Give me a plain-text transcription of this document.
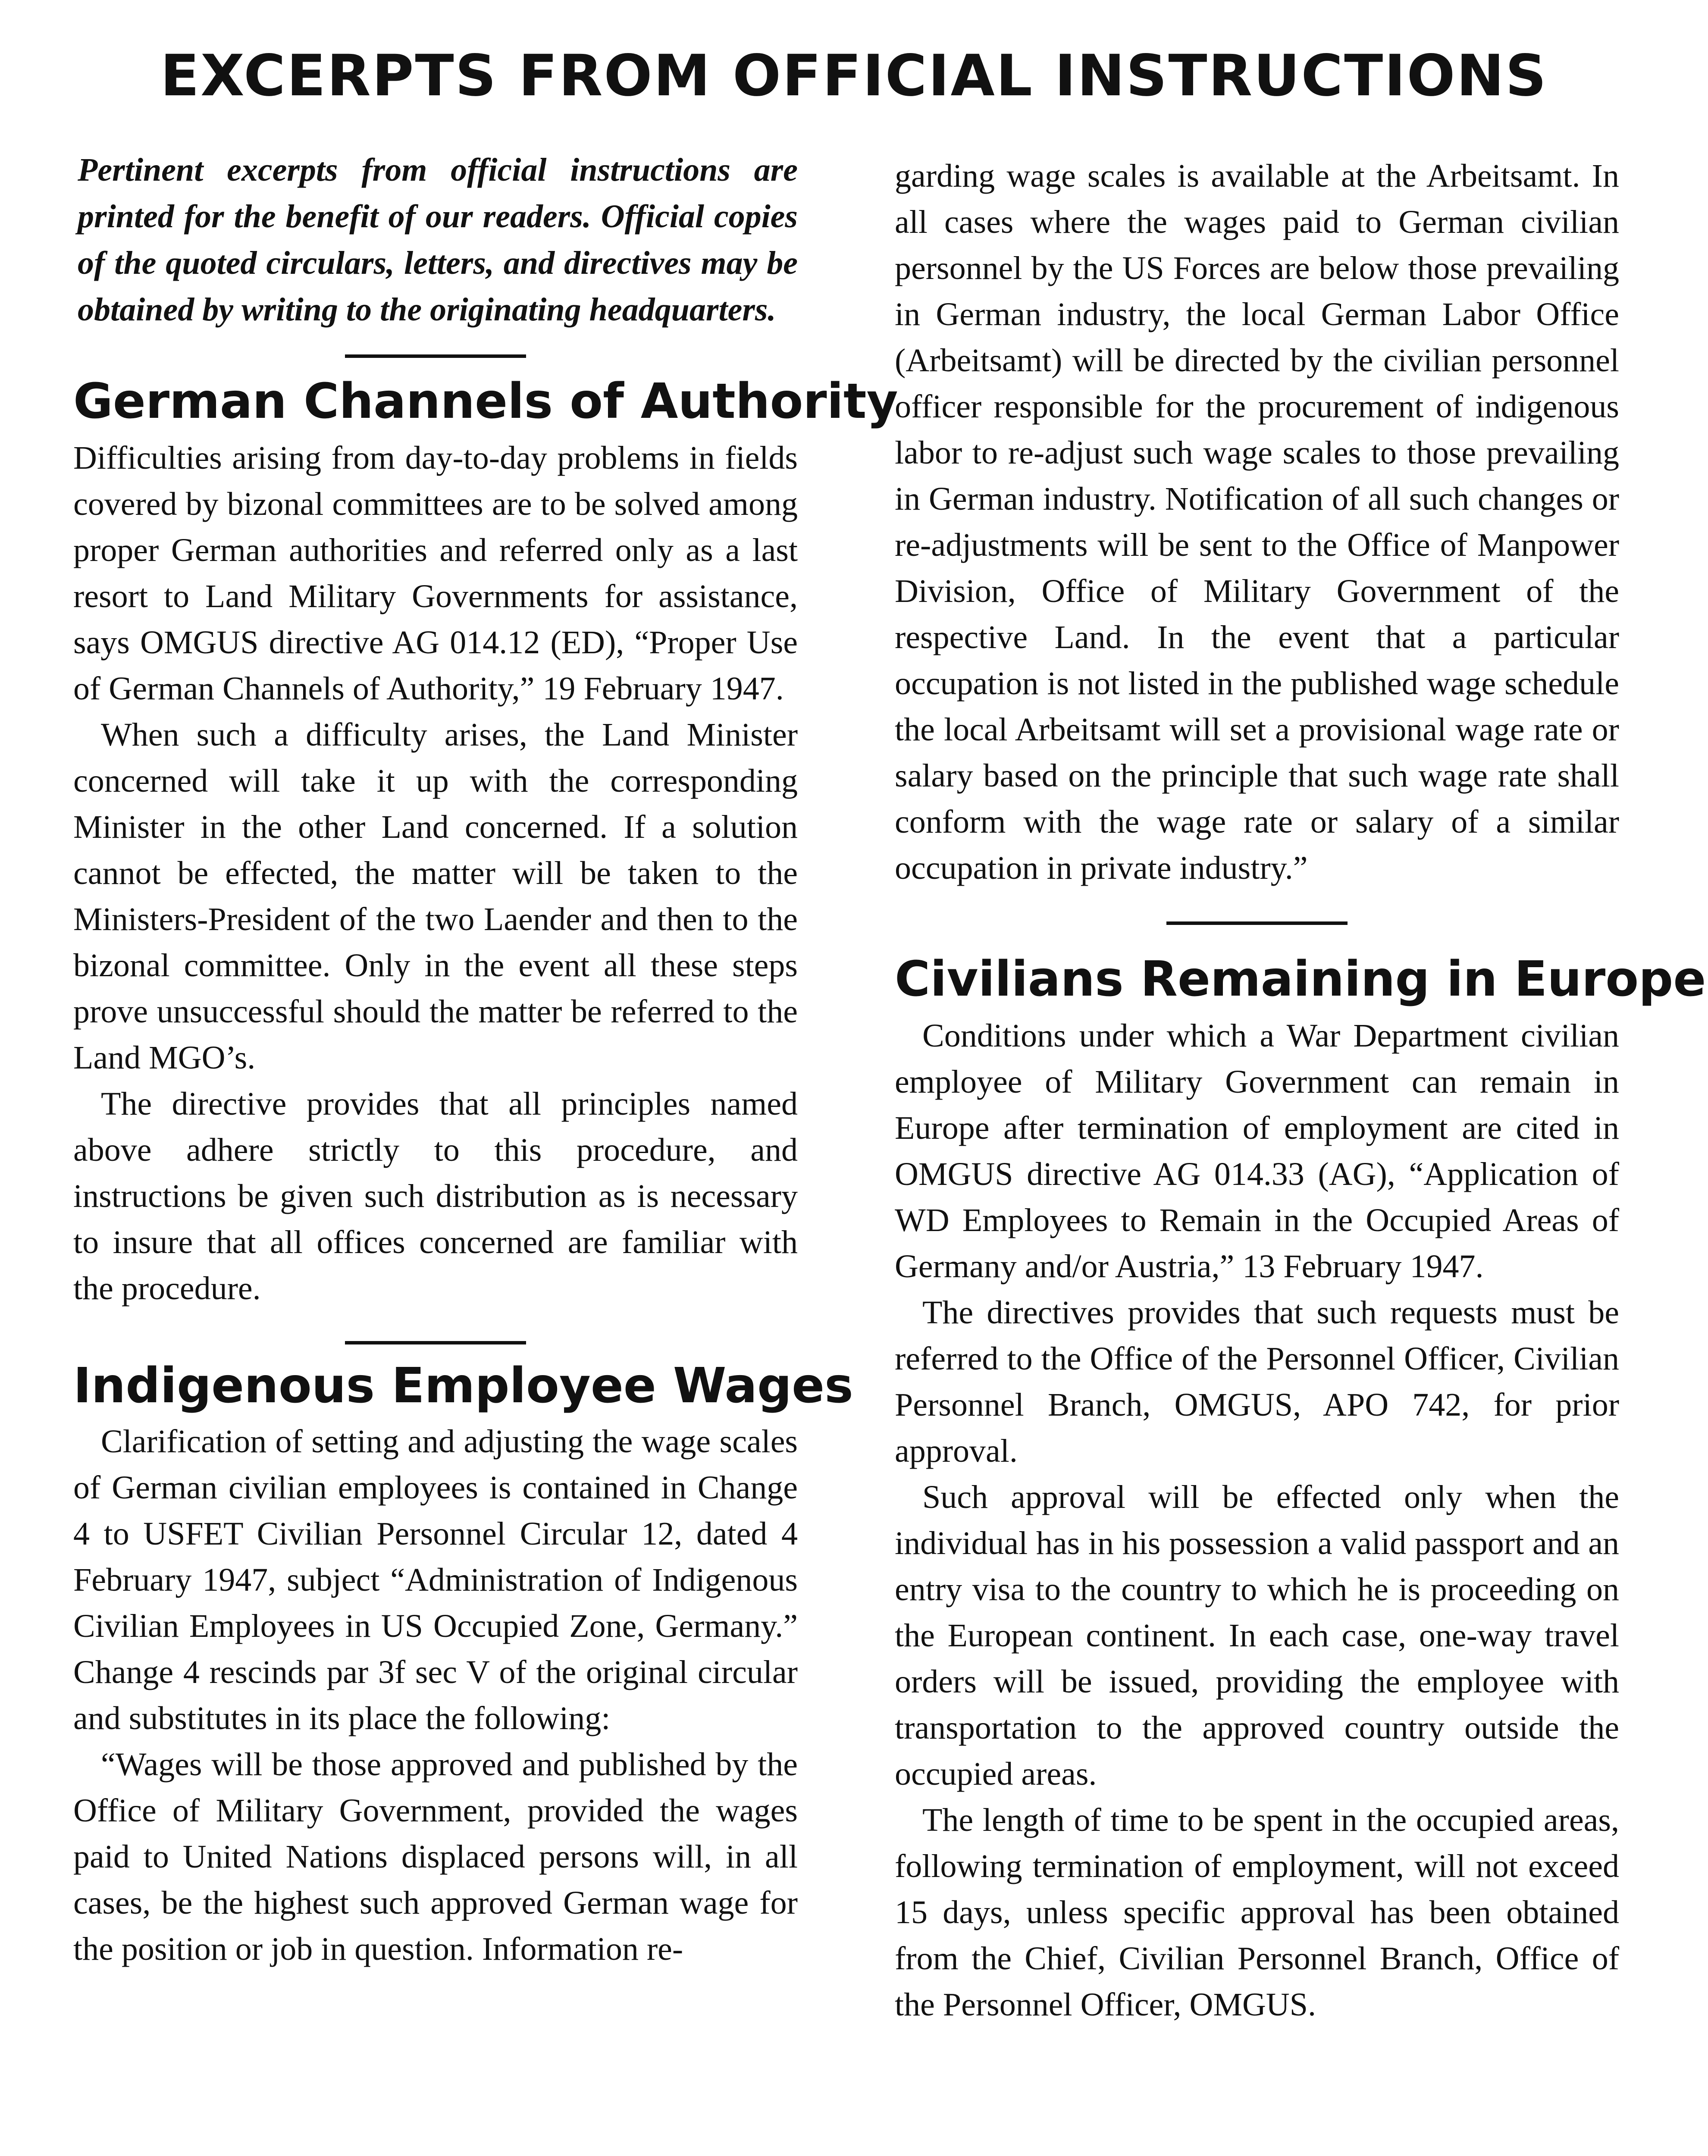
EXCERPTS FROM OFFICIAL INSTRUCTIONS

Pertinent excerpts from official instructions are printed for the benefit of our readers. Official copies of the quoted circulars, letters, and directives may be obtained by writing to the originating headquarters.

German Channels of Authority

Difficulties arising from day-to-day problems in fields covered by bizonal committees are to be solved among proper German authorities and referred only as a last resort to Land Military Governments for assistance, says OMGUS directive AG 014.12 (ED), “Proper Use of German Channels of Authority,” 19 February 1947.

When such a difficulty arises, the Land Minister concerned will take it up with the corresponding Minister in the other Land concerned. If a solution cannot be effected, the matter will be taken to the Ministers-President of the two Laender and then to the bizonal committee. Only in the event all these steps prove unsuccessful should the matter be referred to the Land MGO’s.

The directive provides that all principles named above adhere strictly to this procedure, and instructions be given such distribution as is necessary to insure that all offices concerned are familiar with the procedure.

Indigenous Employee Wages

Clarification of setting and adjusting the wage scales of German civilian employees is contained in Change 4 to USFET Civilian Personnel Circular 12, dated 4 February 1947, subject “Administration of Indigenous Civilian Employees in US Occupied Zone, Germany.” Change 4 rescinds par 3f sec V of the original circular and substitutes in its place the following:

“Wages will be those approved and published by the Office of Military Government, provided the wages paid to United Nations displaced persons will, in all cases, be the highest such approved German wage for the position or job in question. Information re-

garding wage scales is available at the Arbeitsamt. In all cases where the wages paid to German civilian personnel by the US Forces are below those prevailing in German industry, the local German Labor Office (Arbeitsamt) will be directed by the civilian personnel officer responsible for the procurement of indigenous labor to re-adjust such wage scales to those prevailing in German industry. Notification of all such changes or re-adjustments will be sent to the Office of Manpower Division, Office of Military Government of the respective Land. In the event that a particular occupation is not listed in the published wage schedule the local Arbeitsamt will set a provisional wage rate or salary based on the principle that such wage rate shall conform with the wage rate or salary of a similar occupation in private industry.”

Civilians Remaining in Europe

Conditions under which a War Department civilian employee of Military Government can remain in Europe after termination of employment are cited in OMGUS directive AG 014.33 (AG), “Application of WD Employees to Remain in the Occupied Areas of Germany and/or Austria,” 13 February 1947.

The directives provides that such requests must be referred to the Office of the Personnel Officer, Civilian Personnel Branch, OMGUS, APO 742, for prior approval.

Such approval will be effected only when the individual has in his possession a valid passport and an entry visa to the country to which he is proceeding on the European continent. In each case, one-way travel orders will be issued, providing the employee with transportation to the approved country outside the occupied areas.

The length of time to be spent in the occupied areas, following termination of employment, will not exceed 15 days, unless specific approval has been obtained from the Chief, Civilian Personnel Branch, Office of the Personnel Officer, OMGUS.
